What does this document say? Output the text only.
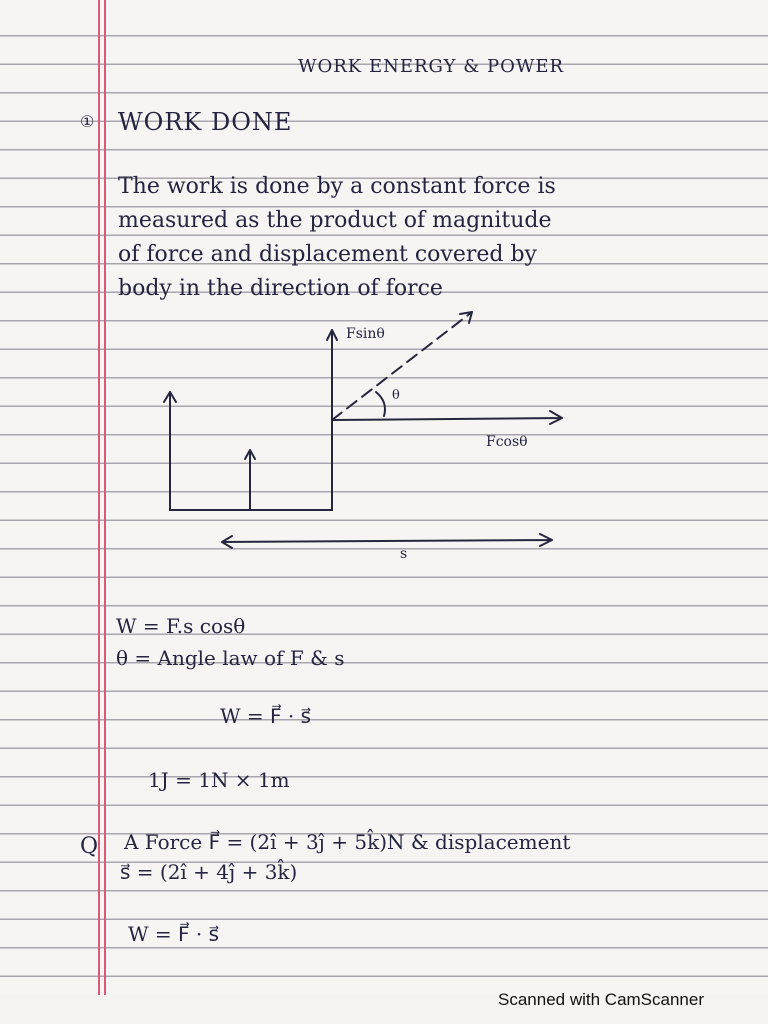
WORK ENERGY & POWER
① WORK DONE
The work is done by a constant force is
measured as the product of magnitude
of force and displacement covered by
body in the direction of force
Fsinθ
θ
Fcosθ
s
W = F.s cosθ
θ = Angle law of F & s
W = F⃗ · s⃗
1J = 1N × 1m
Q A Force F⃗ = (2î + 3ĵ + 5k̂)N & displacement
s⃗ = (2î + 4ĵ + 3k̂)
W = F⃗ · s⃗
Scanned with CamScanner
